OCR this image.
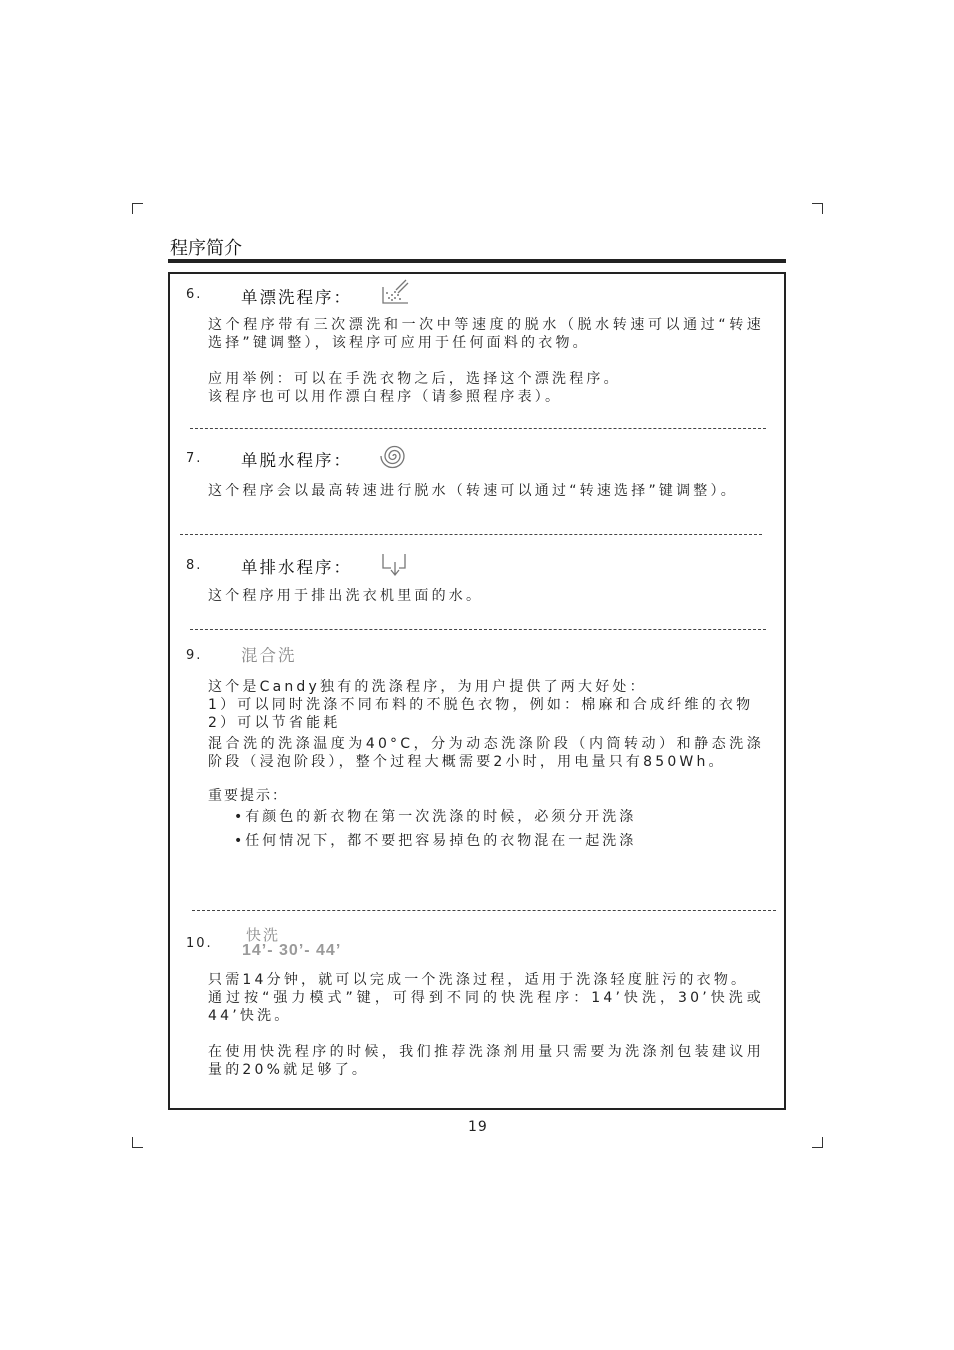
程序简介
6. 单漂洗程序：

这个程序带有三次漂洗和一次中等速度的脱水（脱水转速可以通过“转速选择”键调整），该程序可应用于任何面料的衣物。

应用举例：可以在手洗衣物之后，选择这个漂洗程序。

该程序也可以用作漂白程序（请参照程序表）。

7. 单脱水程序：

这个程序会以最高转速进行脱水（转速可以通过“转速选择”键调整）。

8. 单排水程序：

这个程序用于排出洗衣机里面的水。

9. 混合洗

这个是Candy独有的洗涤程序，为用户提供了两大好处：

1）可以同时洗涤不同布料的不脱色衣物，例如：棉麻和合成纤维的衣物

2）可以节省能耗

混合洗的洗涤温度为40°C，分为动态洗涤阶段（内筒转动）和静态洗涤阶段（浸泡阶段），整个过程大概需要2小时，用电量只有850Wh。

重要提示：

•有颜色的新衣物在第一次洗涤的时候，必须分开洗涤

•任何情况下，都不要把容易掉色的衣物混在一起洗涤

10. 快洗
14’- 30’- 44’

只需14分钟，就可以完成一个洗涤过程，适用于洗涤轻度脏污的衣物。

通过按“强力模式”键，可得到不同的快洗程序：14’快洗，30’快洗或44’快洗。

在使用快洗程序的时候，我们推荐洗涤剂用量只需要为洗涤剂包装建议用量的20%就足够了。

19
